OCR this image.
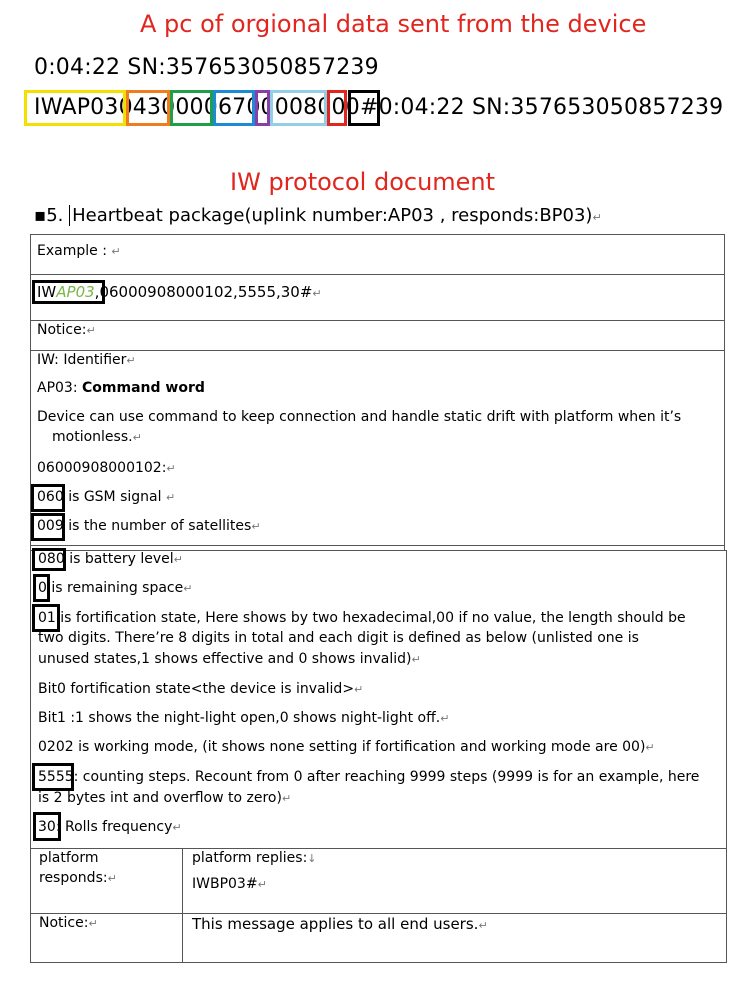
A pc of orgional data sent from the device
0:04:22 SN:357653050857239
IWAP0304300006700008000#0:04:22 SN:357653050857239
IW protocol document
▪5. Heartbeat package(uplink number:AP03 , responds:BP03)↵
Example : ↵
IWAP03,06000908000102,5555,30#↵
Notice:↵
IW: Identifier↵
AP03: Command word
Device can use command to keep connection and handle static drift with platform when it’s
motionless.↵
06000908000102:↵
060 is GSM signal ↵
009 is the number of satellites↵
080 is battery level↵
0 is remaining space↵
01 is fortification state, Here shows by two hexadecimal,00 if no value, the length should be
two digits. There’re 8 digits in total and each digit is defined as below (unlisted one is
unused states,1 shows effective and 0 shows invalid)↵
Bit0 fortification state<the device is invalid>↵
Bit1 :1 shows the night-light open,0 shows night-light off.↵
0202 is working mode, (it shows none setting if fortification and working mode are 00)↵
5555: counting steps. Recount from 0 after reaching 9999 steps (9999 is for an example, here
is 2 bytes int and overflow to zero)↵
30: Rolls frequency↵
platform
responds:↵
platform replies:↓
IWBP03#↵
Notice:↵	This message applies to all end users.↵
